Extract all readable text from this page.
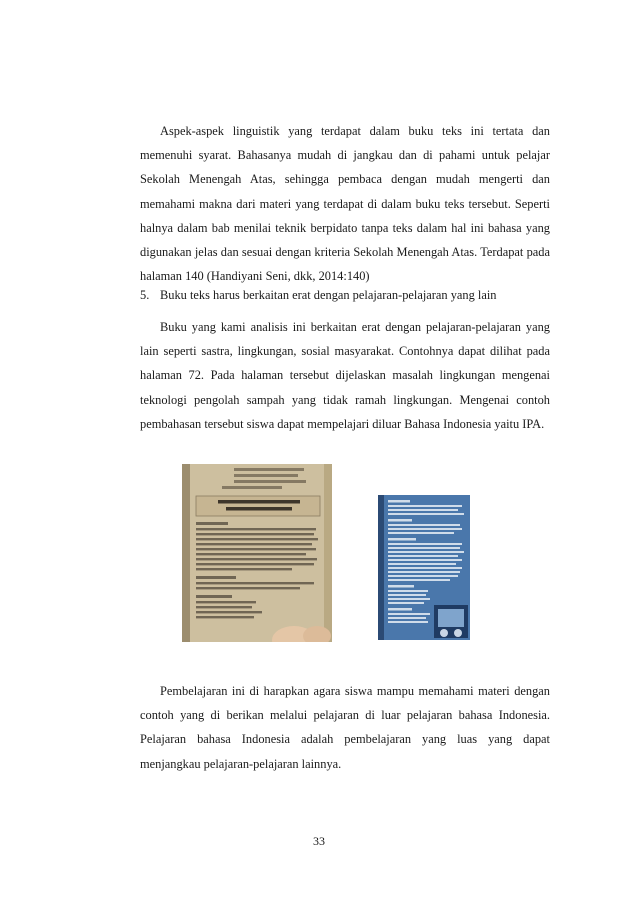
Aspek-aspek linguistik yang terdapat dalam buku teks ini tertata dan memenuhi syarat. Bahasanya mudah di jangkau dan di pahami untuk pelajar Sekolah Menengah Atas, sehingga pembaca dengan mudah mengerti dan memahami makna dari materi yang terdapat di dalam buku teks tersebut. Seperti halnya dalam bab menilai teknik berpidato tanpa teks dalam hal ini bahasa yang digunakan jelas dan sesuai dengan kriteria Sekolah Menengah Atas. Terdapat pada halaman 140 (Handiyani Seni, dkk, 2014:140)

5. Buku teks harus berkaitan erat dengan pelajaran-pelajaran yang lain

Buku yang kami analisis ini berkaitan erat dengan pelajaran-pelajaran yang lain seperti sastra, lingkungan, sosial masyarakat. Contohnya dapat dilihat pada halaman 72. Pada halaman tersebut dijelaskan masalah lingkungan mengenai teknologi pengolah sampah yang tidak ramah lingkungan. Mengenai contoh pembahasan tersebut siswa dapat mempelajari diluar Bahasa Indonesia yaitu IPA.

Pembelajaran ini di harapkan agara siswa mampu memahami materi dengan contoh yang di berikan melalui pelajaran di luar pelajaran bahasa Indonesia. Pelajaran bahasa Indonesia adalah pembelajaran yang luas yang dapat menjangkau pelajaran-pelajaran lainnya.

33
